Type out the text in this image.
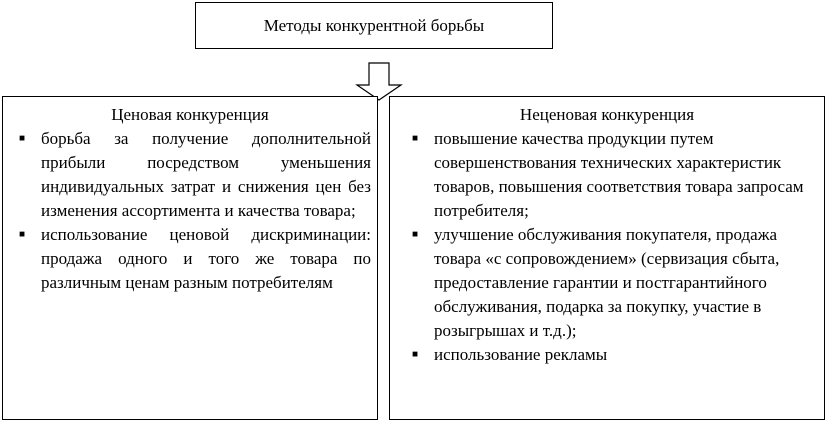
Методы конкурентной борьбы
Ценовая конкуренция
■ борьба за получение дополнительной прибыли посредством уменьшения индивидуальных затрат и снижения цен без изменения ассортимента и качества товара;
■ использование ценовой дискриминации: продажа одного и того же товара по различным ценам разным потребителям
Неценовая конкуренция
■ повышение качества продукции путем совершенствования технических характеристик товаров, повышения соответствия товара запросам потребителя;
■ улучшение обслуживания покупателя, продажа товара «с сопровождением» (сервизация сбыта, предоставление гарантии и постгарантийного обслуживания, подарка за покупку, участие в розыгрышах и т.д.);
■ использование рекламы
